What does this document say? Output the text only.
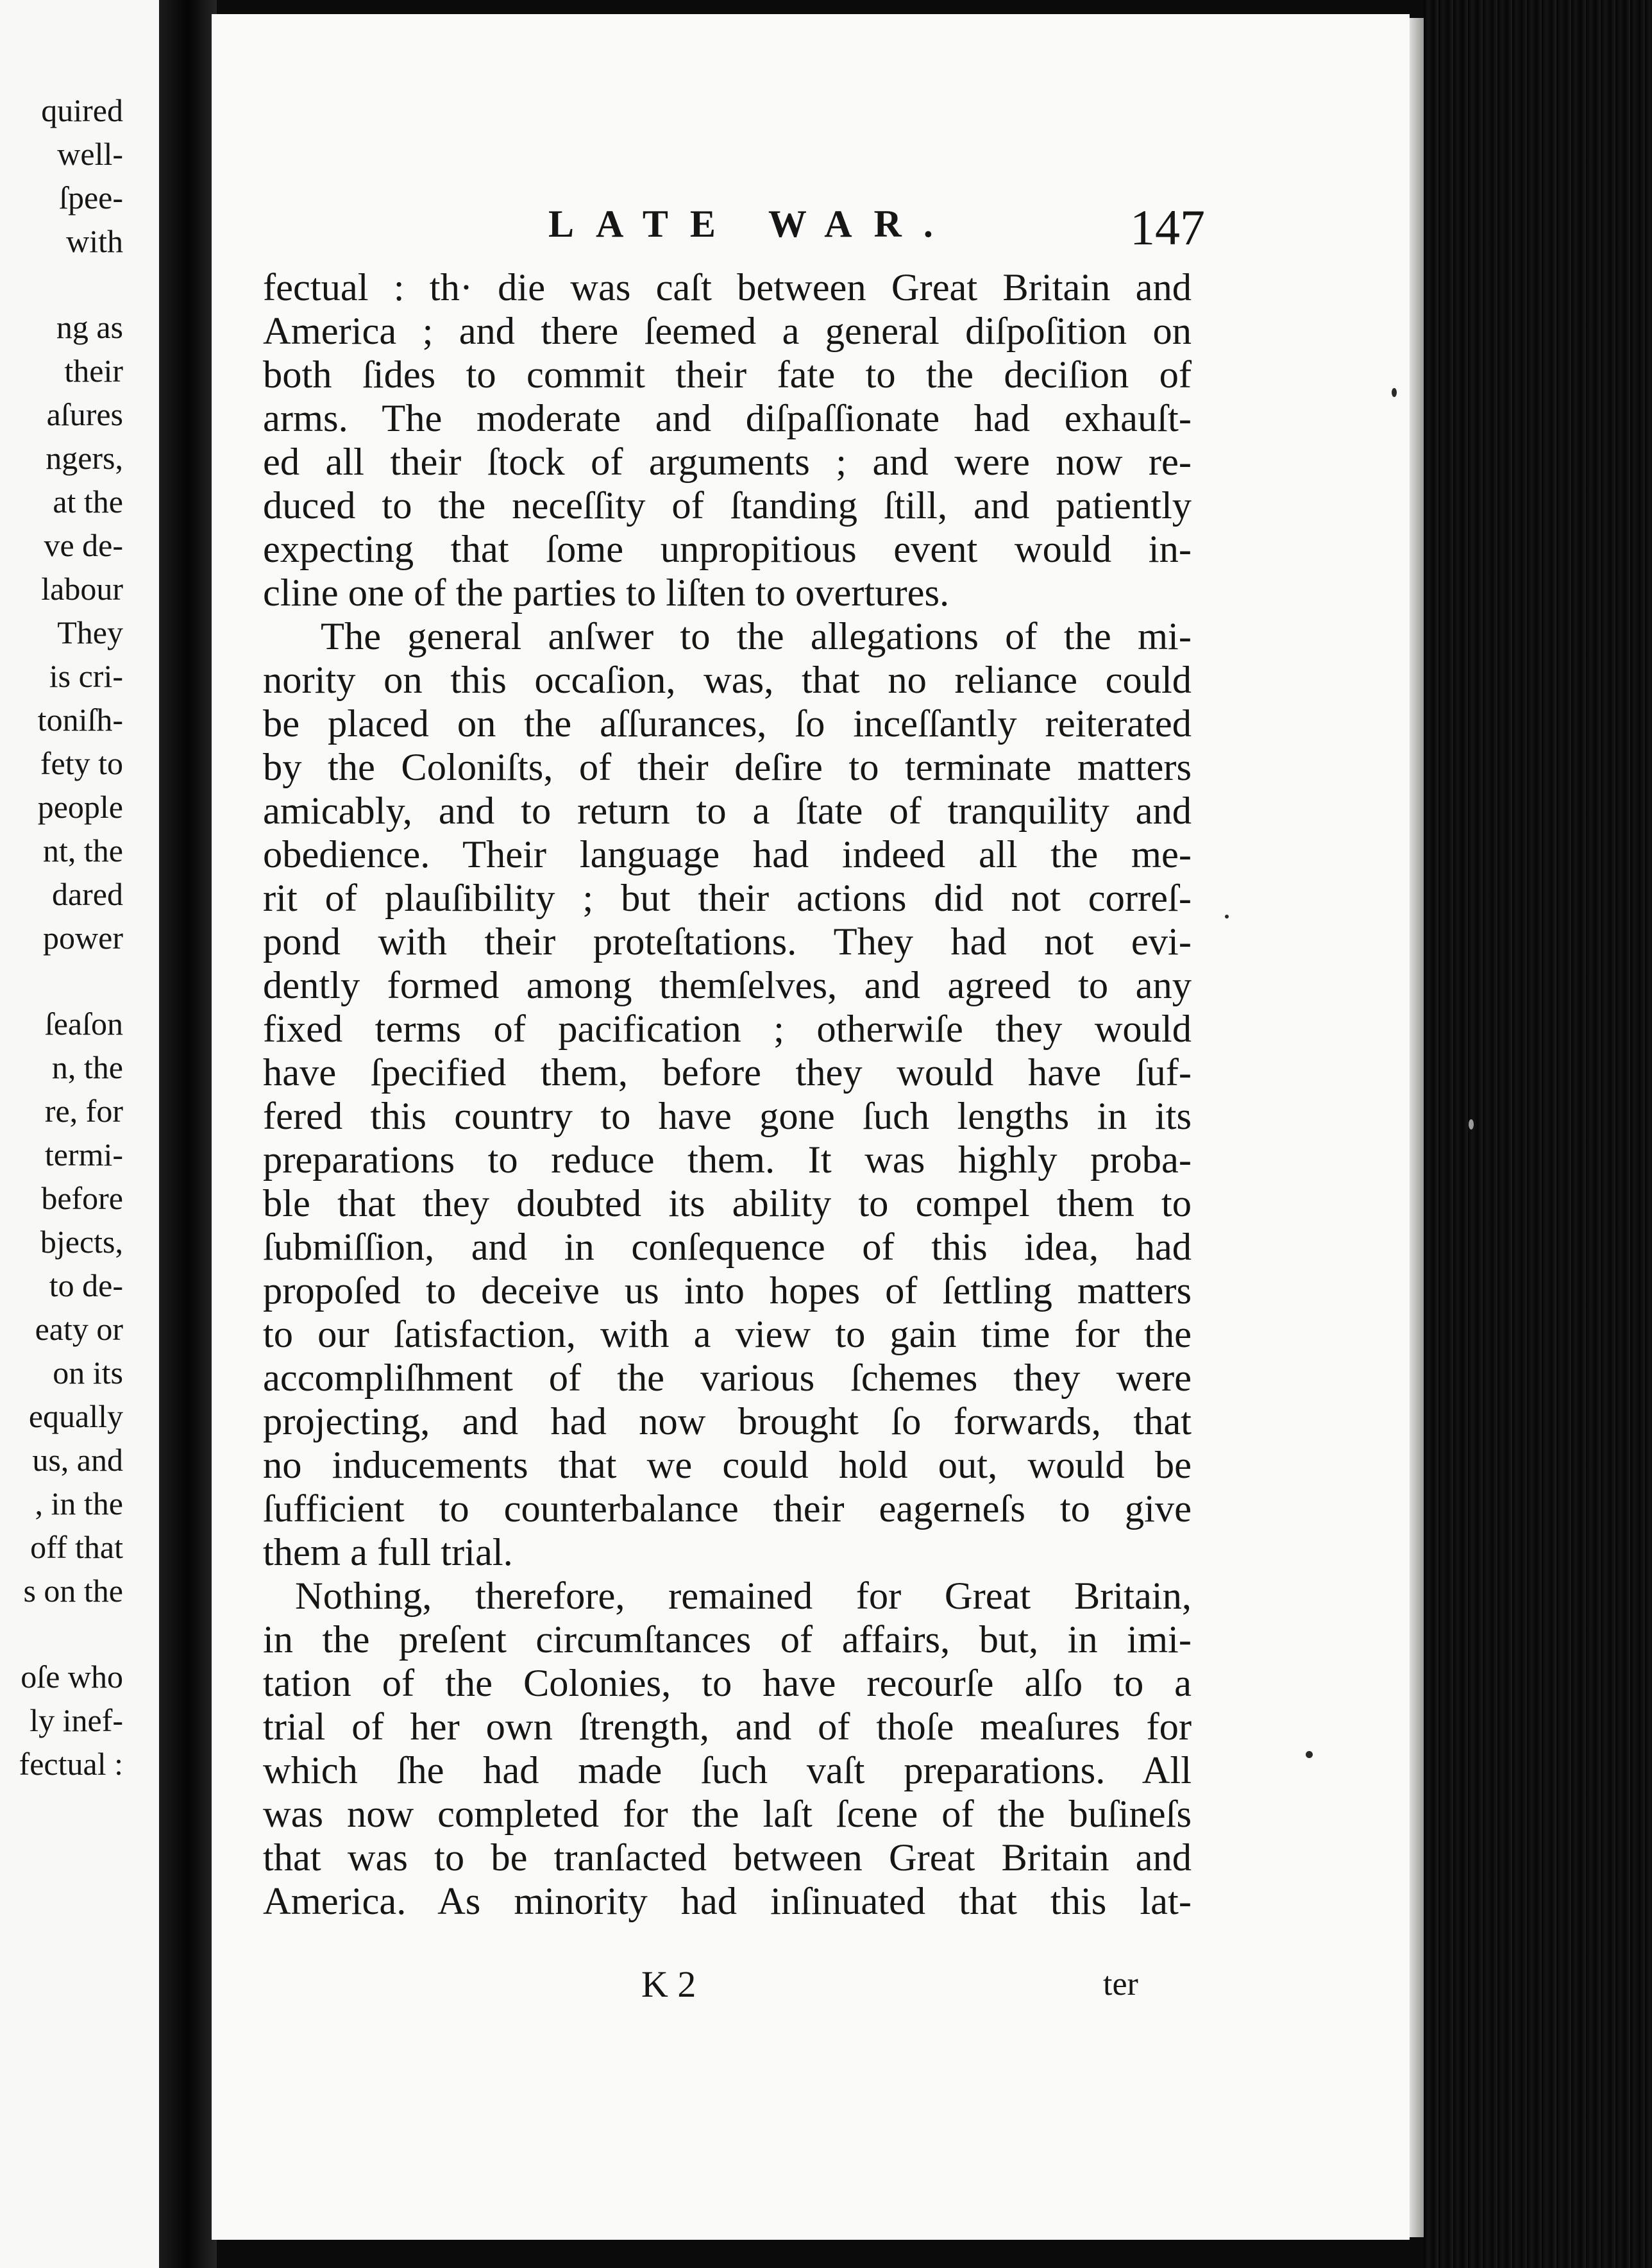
quired
well-
ſpee-
with
ng as
their
aſures
ngers,
at the
ve de-
labour
They
is cri-
toniſh-
fety to
people
nt, the
dared
power
ſeaſon
n, the
re, for
termi-
before
bjects,
to de-
eaty or
on its
equally
us, and
, in the
off that
s on the
oſe who
ly inef-
fectual :
LATE WAR.	147
fectual : th· die was caſt between Great Britain and
America ; and there ſeemed a general diſpoſition on
both ſides to commit their fate to the deciſion of
arms. The moderate and diſpaſſionate had exhauſt-
ed all their ſtock of arguments ; and were now re-
duced to the neceſſity of ſtanding ſtill, and patiently
expecting that ſome unpropitious event would in-
cline one of the parties to liſten to overtures.
The general anſwer to the allegations of the mi-
nority on this occaſion, was, that no reliance could
be placed on the aſſurances, ſo inceſſantly reiterated
by the Coloniſts, of their deſire to terminate matters
amicably, and to return to a ſtate of tranquility and
obedience. Their language had indeed all the me-
rit of plauſibility ; but their actions did not correſ-
pond with their proteſtations. They had not evi-
dently formed among themſelves, and agreed to any
fixed terms of pacification ; otherwiſe they would
have ſpecified them, before they would have ſuf-
fered this country to have gone ſuch lengths in its
preparations to reduce them. It was highly proba-
ble that they doubted its ability to compel them to
ſubmiſſion, and in conſequence of this idea, had
propoſed to deceive us into hopes of ſettling matters
to our ſatisfaction, with a view to gain time for the
accompliſhment of the various ſchemes they were
projecting, and had now brought ſo forwards, that
no inducements that we could hold out, would be
ſufficient to counterbalance their eagerneſs to give
them a full trial.
Nothing, therefore, remained for Great Britain,
in the preſent circumſtances of affairs, but, in imi-
tation of the Colonies, to have recourſe alſo to a
trial of her own ſtrength, and of thoſe meaſures for
which ſhe had made ſuch vaſt preparations. All
was now completed for the laſt ſcene of the buſineſs
that was to be tranſacted between Great Britain and
America. As minority had inſinuated that this lat-
K 2	ter
